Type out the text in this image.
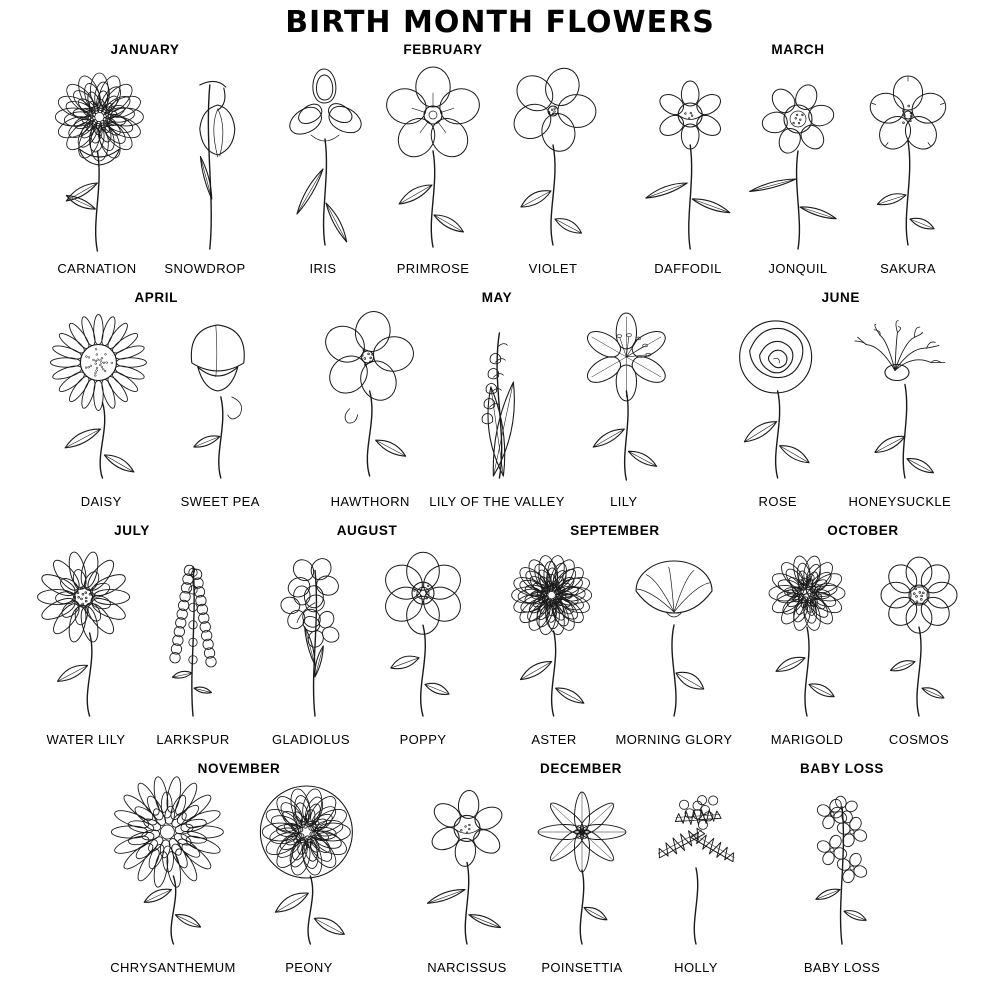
BIRTH MONTH FLOWERS
JANUARY
CARNATION SNOWDROP
FEBRUARY
IRIS	PRIMROSE	VIOLET
MARCH
DAFFODIL	JONQUIL	SAKURA
APRIL
DAISY	SWEET PEA
MAY
HAWTHORN LILY OF THE VALLEY	LILY
JUNE
ROSE	HONEYSUCKLE
JULY
WATER LILY LARKSPUR
AUGUST
GLADIOLUS	POPPY
SEPTEMBER
ASTER	MORNING GLORY
OCTOBER
MARIGOLD	COSMOS
NOVEMBER
CHRYSANTHEMUM	PEONY
DECEMBER
NARCISSUS	POINSETTIA	HOLLY
BABY LOSS
BABY LOSS
